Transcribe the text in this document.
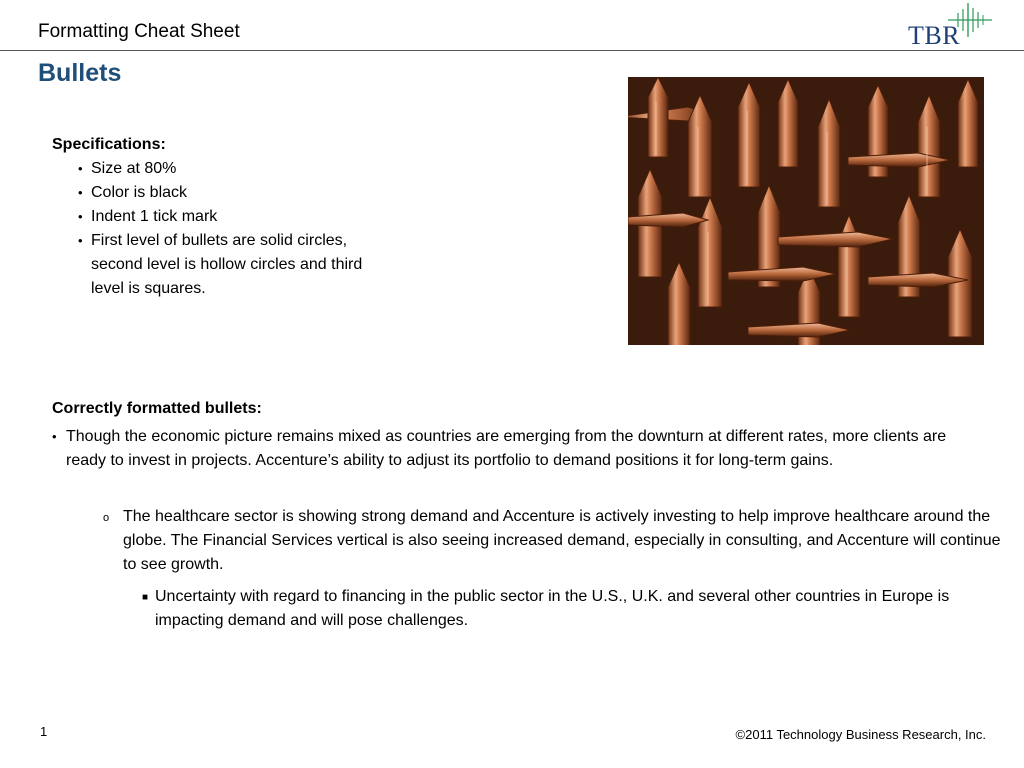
Formatting Cheat Sheet	TBR
Bullets
Specifications:
• Size at 80%
• Color is black
• Indent 1 tick mark
• First level of bullets are solid circles, second level is hollow circles and third level is squares.
Correctly formatted bullets:
• Though the economic picture remains mixed as countries are emerging from the downturn at different rates, more clients are ready to invest in projects. Accenture’s ability to adjust its portfolio to demand positions it for long-term gains.
o The healthcare sector is showing strong demand and Accenture is actively investing to help improve healthcare around the globe. The Financial Services vertical is also seeing increased demand, especially in consulting, and Accenture will continue to see growth.
■ Uncertainty with regard to financing in the public sector in the U.S., U.K. and several other countries in Europe is impacting demand and will pose challenges.
1	©2011 Technology Business Research, Inc.
